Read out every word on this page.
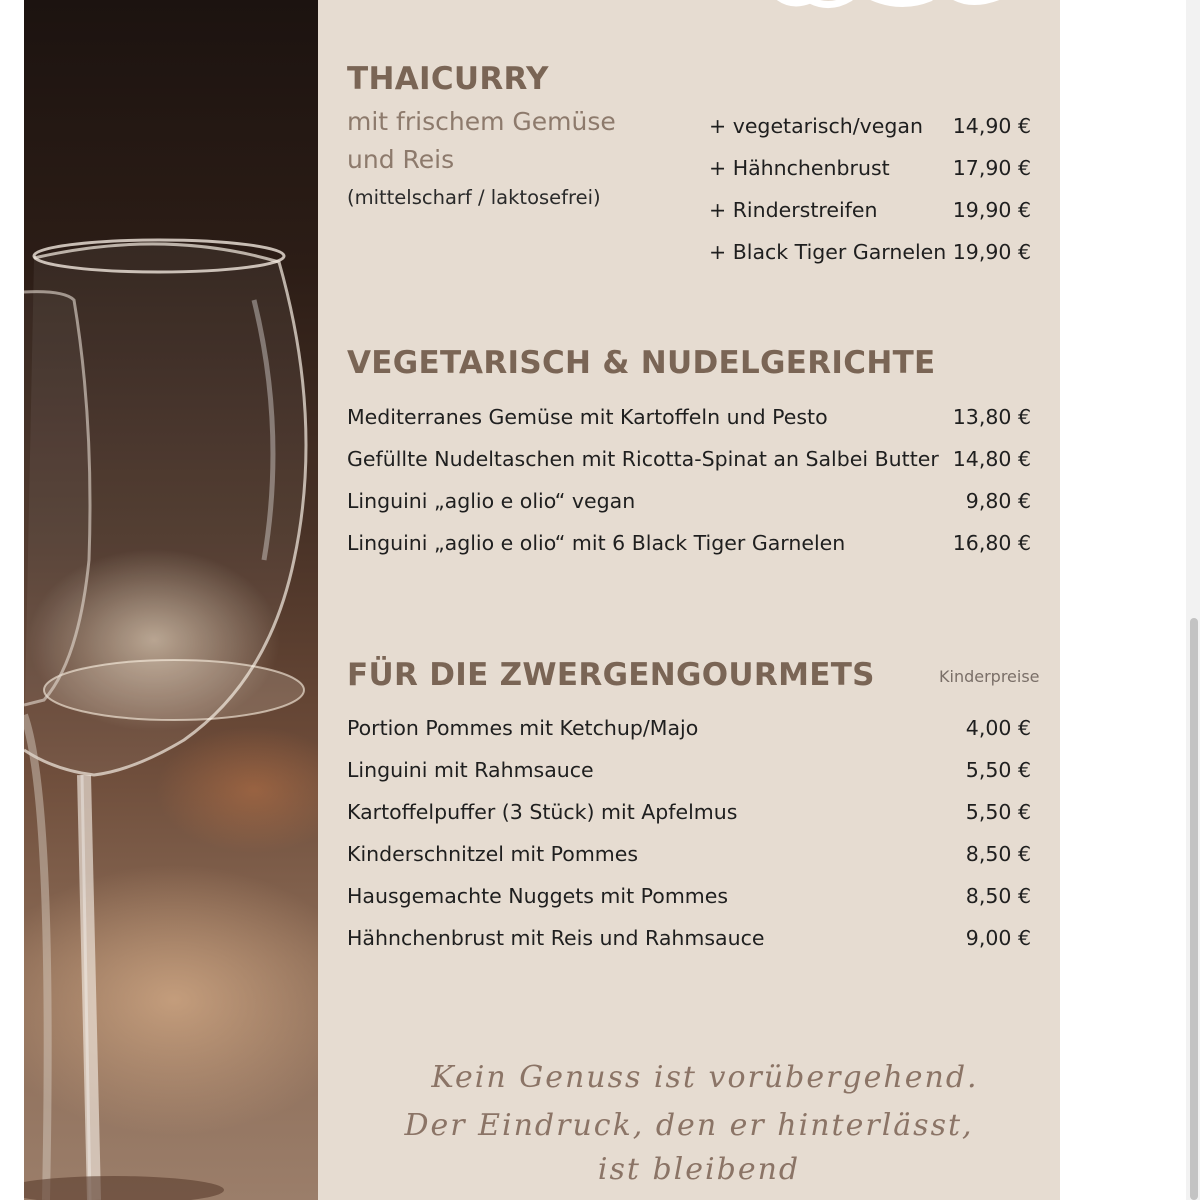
THAICURRY
mit frischem Gemüse
und Reis
(mittelscharf / laktosefrei)
+ vegetarisch/vegan 14,90 €
+ Hähnchenbrust	17,90 €
+ Rinderstreifen	19,90 €
+ Black Tiger Garnelen 19,90 €
VEGETARISCH & NUDELGERICHTE
Mediterranes Gemüse mit Kartoffeln und Pesto	13,80 €
Gefüllte Nudeltaschen mit Ricotta-Spinat an Salbei Butter 14,80 €
Linguini „aglio e olio“ vegan	9,80 €
Linguini „aglio e olio“ mit 6 Black Tiger Garnelen	16,80 €
FÜR DIE ZWERGENGOURMETS	Kinderpreise
Portion Pommes mit Ketchup/Majo	4,00 €
Linguini mit Rahmsauce	5,50 €
Kartoffelpuffer (3 Stück) mit Apfelmus	5,50 €
Kinderschnitzel mit Pommes	8,50 €
Hausgemachte Nuggets mit Pommes	8,50 €
Hähnchenbrust mit Reis und Rahmsauce	9,00 €
Kein Genuss ist vorübergehend.
Der Eindruck, den er hinterlässt,
ist bleibend
